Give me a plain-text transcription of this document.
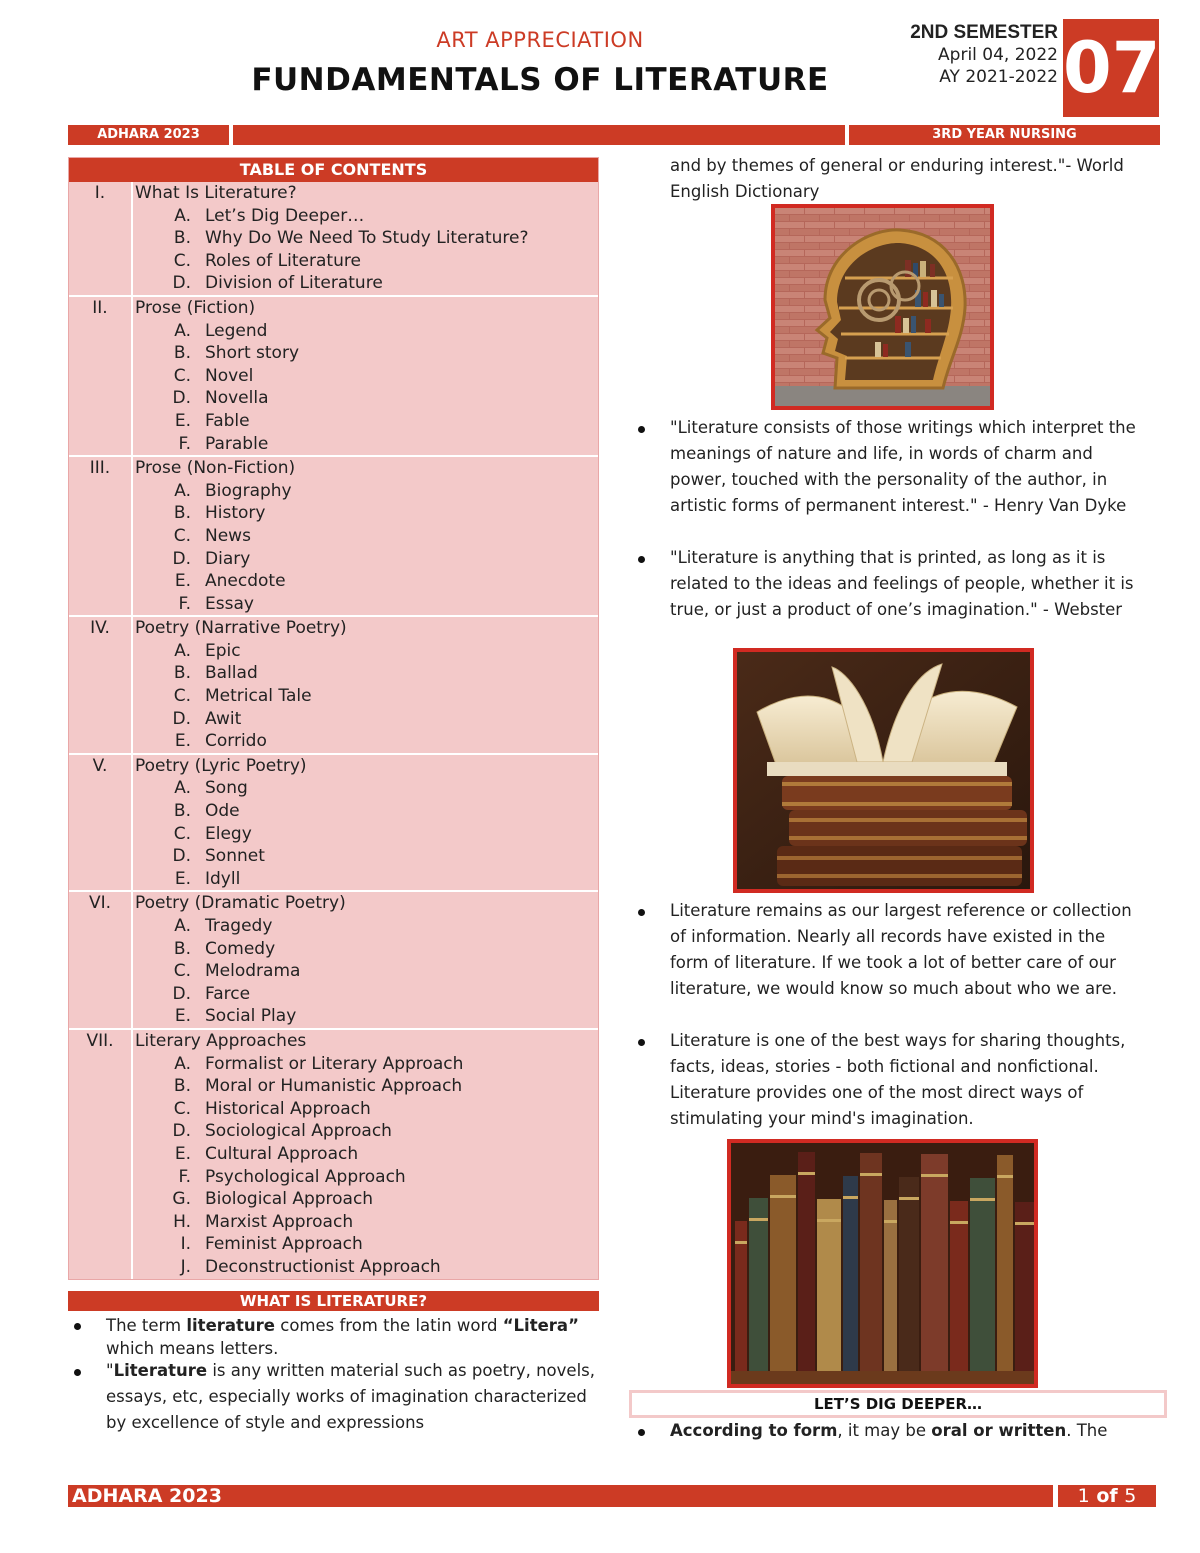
ART APPRECIATION
FUNDAMENTALS OF LITERATURE
2ND SEMESTER
April 04, 2022
AY 2021-2022 07
ADHARA 2023	3RD YEAR NURSING
TABLE OF CONTENTS
I.	What Is Literature?
A. Let’s Dig Deeper…
B. Why Do We Need To Study Literature?
C. Roles of Literature
D. Division of Literature
II.	Prose (Fiction)
A. Legend
B. Short story
C. Novel
D. Novella
E. Fable
F. Parable
III.	Prose (Non-Fiction)
A. Biography
B. History
C. News
D. Diary
E. Anecdote
F. Essay
IV.	Poetry (Narrative Poetry)
A. Epic
B. Ballad
C. Metrical Tale
D. Awit
E. Corrido
V.	Poetry (Lyric Poetry)
A. Song
B. Ode
C. Elegy
D. Sonnet
E. Idyll
VI.	Poetry (Dramatic Poetry)
A. Tragedy
B. Comedy
C. Melodrama
D. Farce
E. Social Play
VII.	Literary Approaches
A. Formalist or Literary Approach
B. Moral or Humanistic Approach
C. Historical Approach
D. Sociological Approach
E. Cultural Approach
F. Psychological Approach
G. Biological Approach
H. Marxist Approach
I. Feminist Approach
J. Deconstructionist Approach
WHAT IS LITERATURE?
The term literature comes from the latin word “Litera” which means letters.
"Literature is any written material such as poetry, novels, essays, etc, especially works of imagination characterized by excellence of style and expressions
and by themes of general or enduring interest."- World English Dictionary
"Literature consists of those writings which interpret the meanings of nature and life, in words of charm and power, touched with the personality of the author, in artistic forms of permanent interest." - Henry Van Dyke
"Literature is anything that is printed, as long as it is related to the ideas and feelings of people, whether it is true, or just a product of one’s imagination." - Webster
Literature remains as our largest reference or collection of information. Nearly all records have existed in the form of literature. If we took a lot of better care of our literature, we would know so much about who we are.
Literature is one of the best ways for sharing thoughts, facts, ideas, stories - both fictional and nonfictional. Literature provides one of the most direct ways of stimulating your mind's imagination.
LET’S DIG DEEPER…
According to form, it may be oral or written. The
ADHARA 2023	1 of 5
